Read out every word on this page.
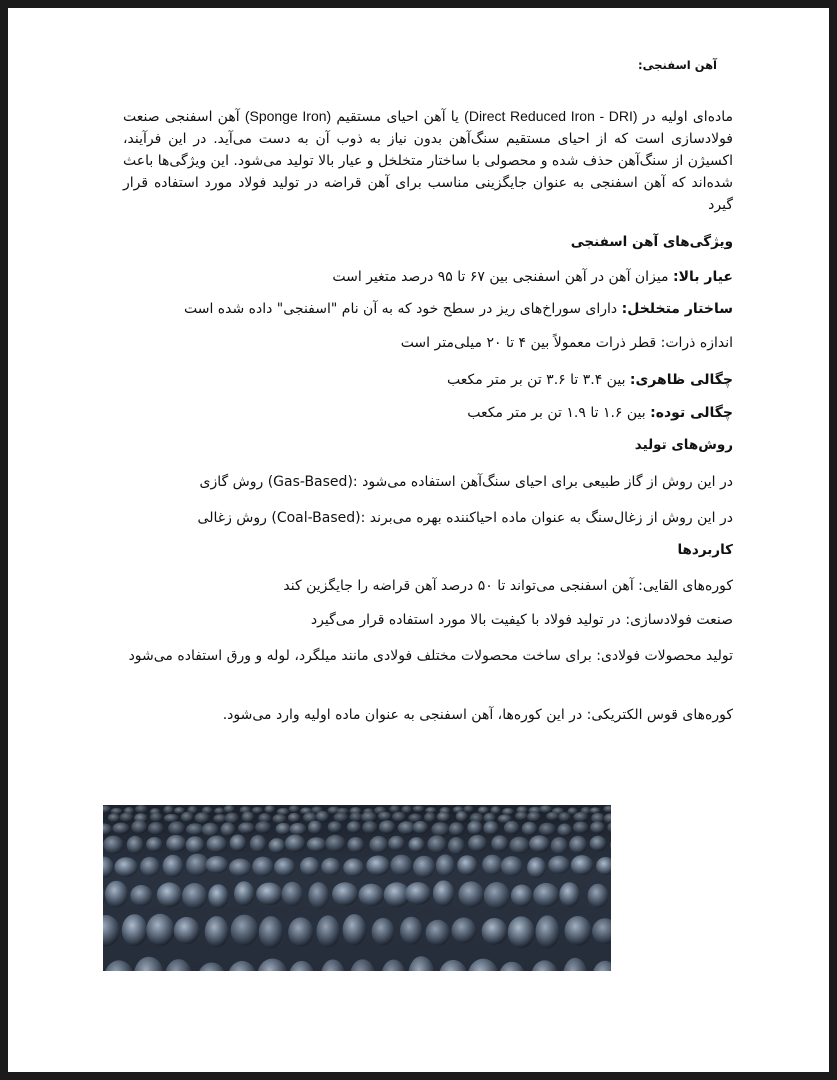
آهن اسفنجی:
ماده‌ای اولیه در (Direct Reduced Iron - DRI) یا آهن احیای مستقیم (Sponge Iron) آهن اسفنجی صنعت فولادسازی است که از احیای مستقیم سنگ‌آهن بدون نیاز به ذوب آن به دست می‌آید. در این فرآیند، اکسیژن از سنگ‌آهن حذف شده و محصولی با ساختار متخلخل و عیار بالا تولید می‌شود. این ویژگی‌ها باعث شده‌اند که آهن اسفنجی به عنوان جایگزینی مناسب برای آهن قراضه در تولید فولاد مورد استفاده قرار گیرد
ویژگی‌های آهن اسفنجی
عیار بالا: میزان آهن در آهن اسفنجی بین ۶۷ تا ۹۵ درصد متغیر است
ساختار متخلخل: دارای سوراخ‌های ریز در سطح خود که به آن نام "اسفنجی" داده شده است
اندازه ذرات: قطر ذرات معمولاً بین ۴ تا ۲۰ میلی‌متر است
چگالی ظاهری: بین ۳.۴ تا ۳.۶ تن بر متر مکعب
چگالی توده: بین ۱.۶ تا ۱.۹ تن بر متر مکعب
روش‌های تولید
در این روش از گاز طبیعی برای احیای سنگ‌آهن استفاده می‌شود :(Gas-Based) روش گازی
در این روش از زغال‌سنگ به عنوان ماده احیاکننده بهره می‌برند :(Coal-Based) روش زغالی
کاربردها
کوره‌های القایی: آهن اسفنجی می‌تواند تا ۵۰ درصد آهن قراضه را جایگزین کند
صنعت فولادسازی: در تولید فولاد با کیفیت بالا مورد استفاده قرار می‌گیرد
تولید محصولات فولادی: برای ساخت محصولات مختلف فولادی مانند میلگرد، لوله و ورق استفاده می‌شود
کوره‌های قوس الکتریکی: در این کوره‌ها، آهن اسفنجی به عنوان ماده اولیه وارد می‌شود.
